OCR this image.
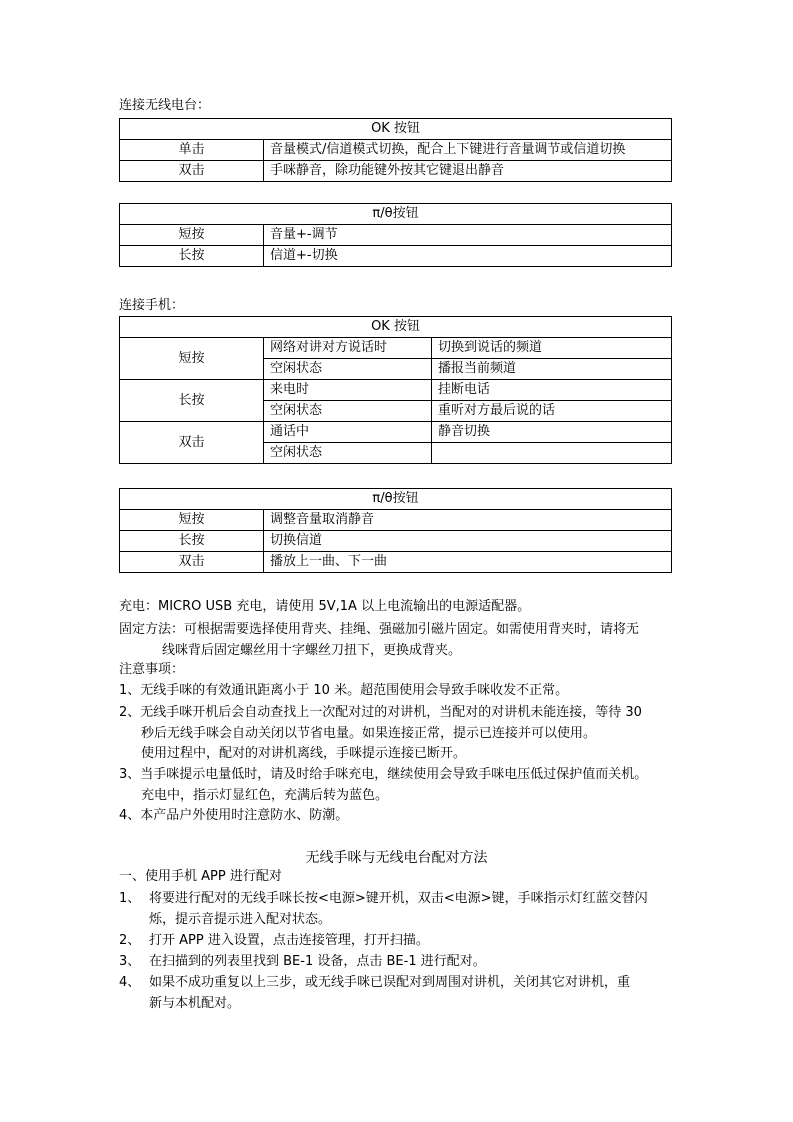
连接无线电台：
OK 按钮	
单击	音量模式/信道模式切换，配合上下键进行音量调节或信道切换
双击	手咪静音，除功能键外按其它键退出静音
π/θ按钮	
短按	音量+-调节
长按	信道+-切换
连接手机：
OK 按钮		
短按	网络对讲对方说话时	切换到说话的频道
	空闲状态	播报当前频道
长按	来电时	挂断电话
	空闲状态	重听对方最后说的话
双击	通话中	静音切换
	空闲状态	
π/θ按钮	
短按	调整音量取消静音
长按	切换信道
双击	播放上一曲、下一曲
充电：MICRO USB 充电，请使用 5V,1A 以上电流输出的电源适配器。
固定方法：可根据需要选择使用背夹、挂绳、强磁加引磁片固定。如需使用背夹时，请将无
线咪背后固定螺丝用十字螺丝刀扭下，更换成背夹。
注意事项：
1、无线手咪的有效通讯距离小于 10 米。超范围使用会导致手咪收发不正常。
2、无线手咪开机后会自动查找上一次配对过的对讲机，当配对的对讲机未能连接，等待 30
秒后无线手咪会自动关闭以节省电量。如果连接正常，提示已连接并可以使用。
使用过程中，配对的对讲机离线，手咪提示连接已断开。
3、当手咪提示电量低时，请及时给手咪充电，继续使用会导致手咪电压低过保护值而关机。
充电中，指示灯显红色，充满后转为蓝色。
4、本产品户外使用时注意防水、防潮。
无线手咪与无线电台配对方法
一、使用手机 APP 进行配对
1、 将要进行配对的无线手咪长按<电源>键开机，双击<电源>键，手咪指示灯红蓝交替闪
烁，提示音提示进入配对状态。
2、 打开 APP 进入设置，点击连接管理，打开扫描。
3、 在扫描到的列表里找到 BE-1 设备，点击 BE-1 进行配对。
4、 如果不成功重复以上三步，或无线手咪已误配对到周围对讲机，关闭其它对讲机，重
新与本机配对。
